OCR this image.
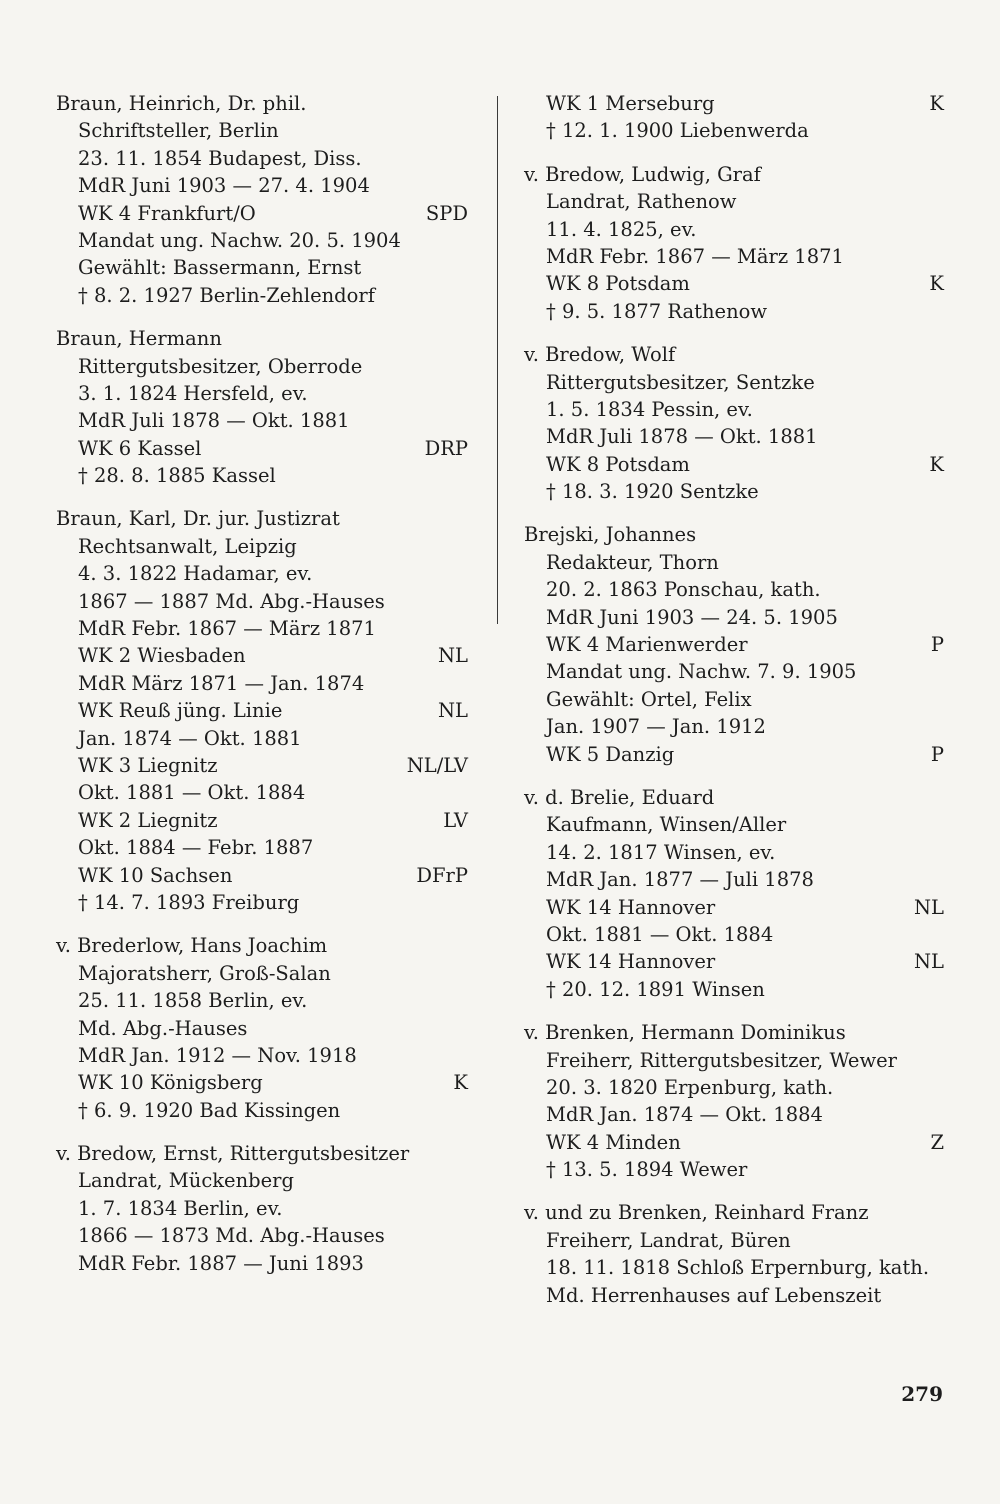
Braun, Heinrich, Dr. phil.
Schriftsteller, Berlin
23. 11. 1854 Budapest, Diss.
MdR Juni 1903 — 27. 4. 1904
WK 4 Frankfurt/O	SPD
Mandat ung. Nachw. 20. 5. 1904
Gewählt: Bassermann, Ernst
† 8. 2. 1927 Berlin-Zehlendorf
Braun, Hermann
Rittergutsbesitzer, Oberrode
3. 1. 1824 Hersfeld, ev.
MdR Juli 1878 — Okt. 1881
WK 6 Kassel	DRP
† 28. 8. 1885 Kassel
Braun, Karl, Dr. jur. Justizrat
Rechtsanwalt, Leipzig
4. 3. 1822 Hadamar, ev.
1867 — 1887 Md. Abg.-Hauses
MdR Febr. 1867 — März 1871
WK 2 Wiesbaden	NL
MdR März 1871 — Jan. 1874
WK Reuß jüng. Linie	NL
Jan. 1874 — Okt. 1881
WK 3 Liegnitz	NL/LV
Okt. 1881 — Okt. 1884
WK 2 Liegnitz	LV
Okt. 1884 — Febr. 1887
WK 10 Sachsen	DFrP
† 14. 7. 1893 Freiburg
v. Brederlow, Hans Joachim
Majoratsherr, Groß-Salan
25. 11. 1858 Berlin, ev.
Md. Abg.-Hauses
MdR Jan. 1912 — Nov. 1918
WK 10 Königsberg	K
† 6. 9. 1920 Bad Kissingen
v. Bredow, Ernst, Rittergutsbesitzer
Landrat, Mückenberg
1. 7. 1834 Berlin, ev.
1866 — 1873 Md. Abg.-Hauses
MdR Febr. 1887 — Juni 1893
WK 1 Merseburg	K
† 12. 1. 1900 Liebenwerda
v. Bredow, Ludwig, Graf
Landrat, Rathenow
11. 4. 1825, ev.
MdR Febr. 1867 — März 1871
WK 8 Potsdam	K
† 9. 5. 1877 Rathenow
v. Bredow, Wolf
Rittergutsbesitzer, Sentzke
1. 5. 1834 Pessin, ev.
MdR Juli 1878 — Okt. 1881
WK 8 Potsdam	K
† 18. 3. 1920 Sentzke
Brejski, Johannes
Redakteur, Thorn
20. 2. 1863 Ponschau, kath.
MdR Juni 1903 — 24. 5. 1905
WK 4 Marienwerder	P
Mandat ung. Nachw. 7. 9. 1905
Gewählt: Ortel, Felix
Jan. 1907 — Jan. 1912
WK 5 Danzig	P
v. d. Brelie, Eduard
Kaufmann, Winsen/Aller
14. 2. 1817 Winsen, ev.
MdR Jan. 1877 — Juli 1878
WK 14 Hannover	NL
Okt. 1881 — Okt. 1884
WK 14 Hannover	NL
† 20. 12. 1891 Winsen
v. Brenken, Hermann Dominikus
Freiherr, Rittergutsbesitzer, Wewer
20. 3. 1820 Erpenburg, kath.
MdR Jan. 1874 — Okt. 1884
WK 4 Minden	Z
† 13. 5. 1894 Wewer
v. und zu Brenken, Reinhard Franz
Freiherr, Landrat, Büren
18. 11. 1818 Schloß Erpernburg, kath.
Md. Herrenhauses auf Lebenszeit
279
